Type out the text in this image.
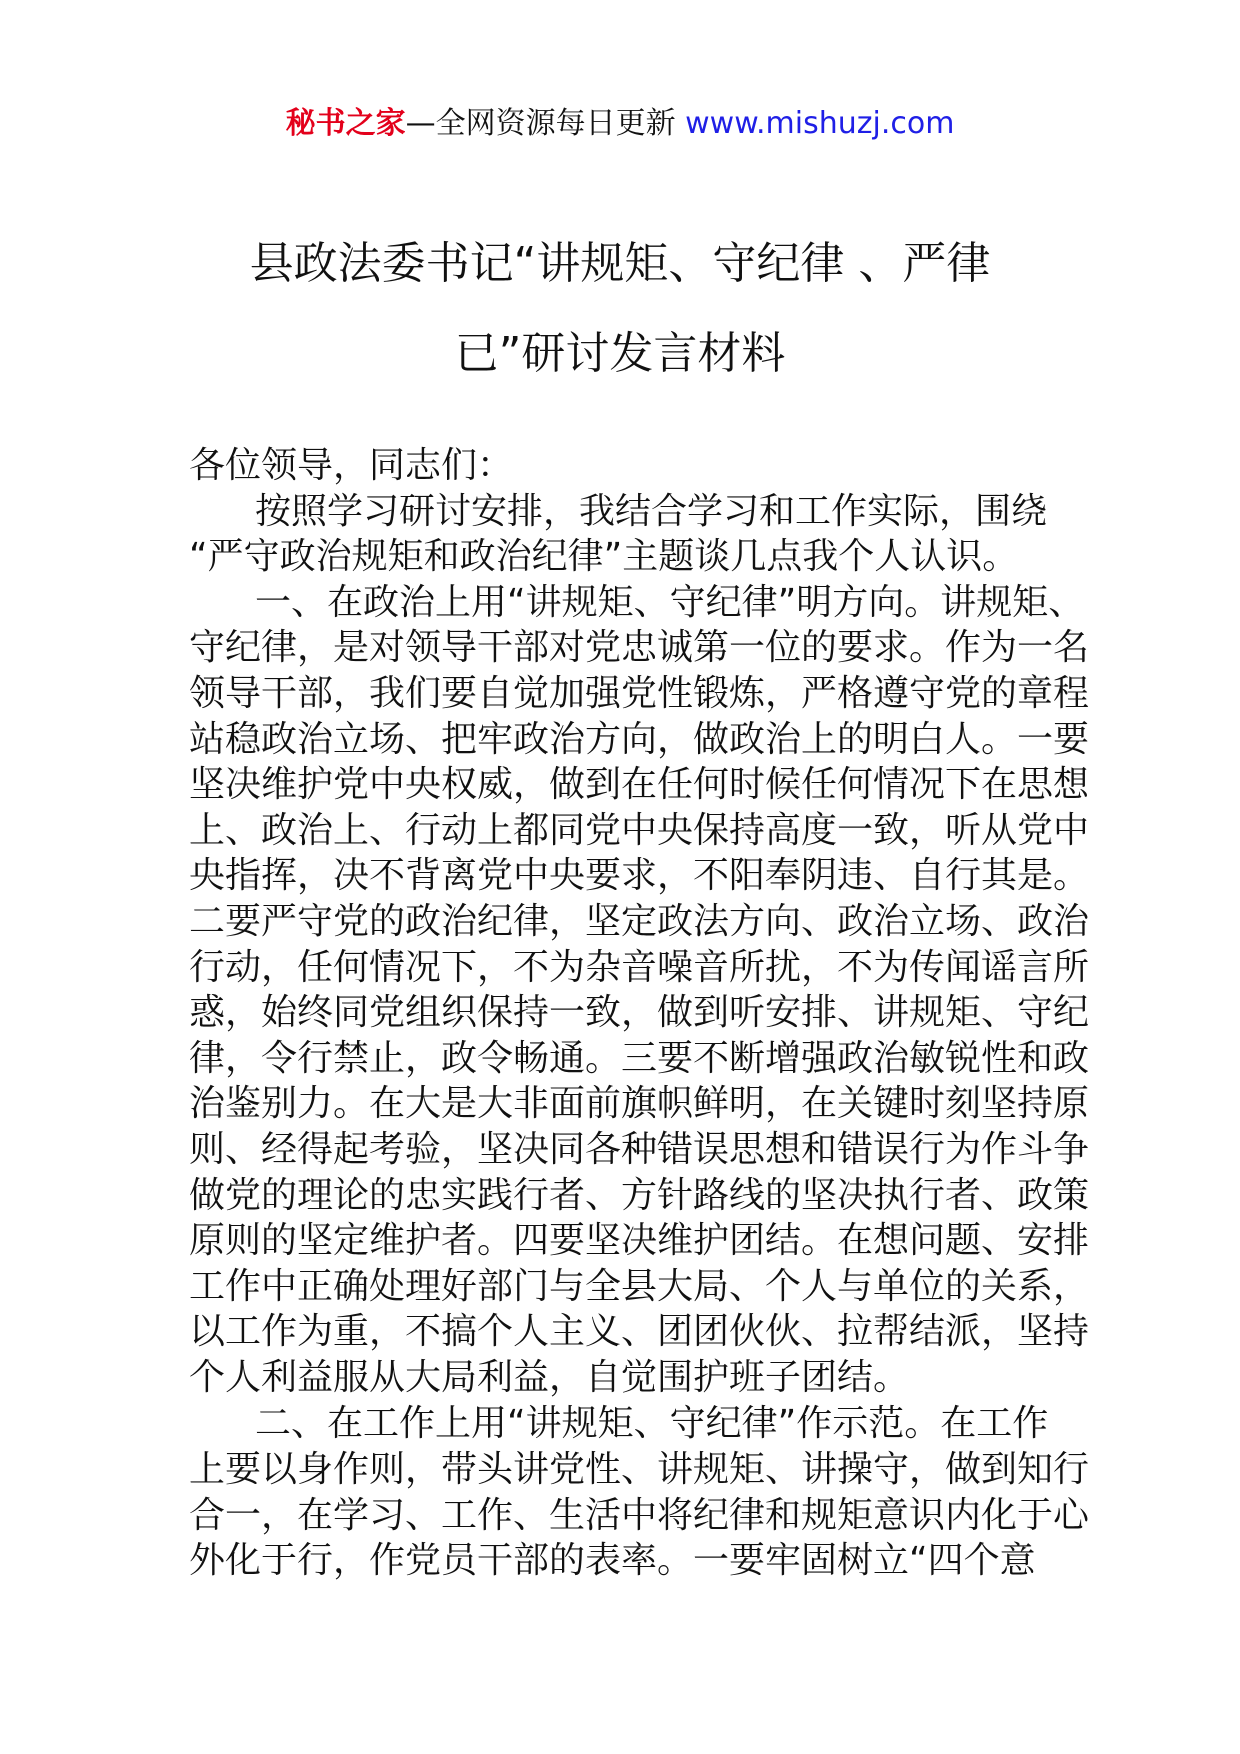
秘书之家—全网资源每日更新 www.mishuzj.com
县政法委书记“讲规矩、守纪律 、严律
已”研讨发言材料
各位领导，同志们：
按照学习研讨安排，我结合学习和工作实际，围绕
“严守政治规矩和政治纪律”主题谈几点我个人认识。
一、在政治上用“讲规矩、守纪律”明方向。讲规矩、
守纪律，是对领导干部对党忠诚第一位的要求。作为一名
领导干部，我们要自觉加强党性锻炼，严格遵守党的章程
站稳政治立场、把牢政治方向，做政治上的明白人。一要
坚决维护党中央权威，做到在任何时候任何情况下在思想
上、政治上、行动上都同党中央保持高度一致，听从党中
央指挥，决不背离党中央要求，不阳奉阴违、自行其是。
二要严守党的政治纪律，坚定政法方向、政治立场、政治
行动，任何情况下，不为杂音噪音所扰，不为传闻谣言所
惑，始终同党组织保持一致，做到听安排、讲规矩、守纪
律，令行禁止，政令畅通。三要不断增强政治敏锐性和政
治鉴别力。在大是大非面前旗帜鲜明，在关键时刻坚持原
则、经得起考验，坚决同各种错误思想和错误行为作斗争
做党的理论的忠实践行者、方针路线的坚决执行者、政策
原则的坚定维护者。四要坚决维护团结。在想问题、安排
工作中正确处理好部门与全县大局、个人与单位的关系，
以工作为重，不搞个人主义、团团伙伙、拉帮结派，坚持
个人利益服从大局利益，自觉围护班子团结。
二、在工作上用“讲规矩、守纪律”作示范。在工作
上要以身作则，带头讲党性、讲规矩、讲操守，做到知行
合一，在学习、工作、生活中将纪律和规矩意识内化于心
外化于行，作党员干部的表率。一要牢固树立“四个意
